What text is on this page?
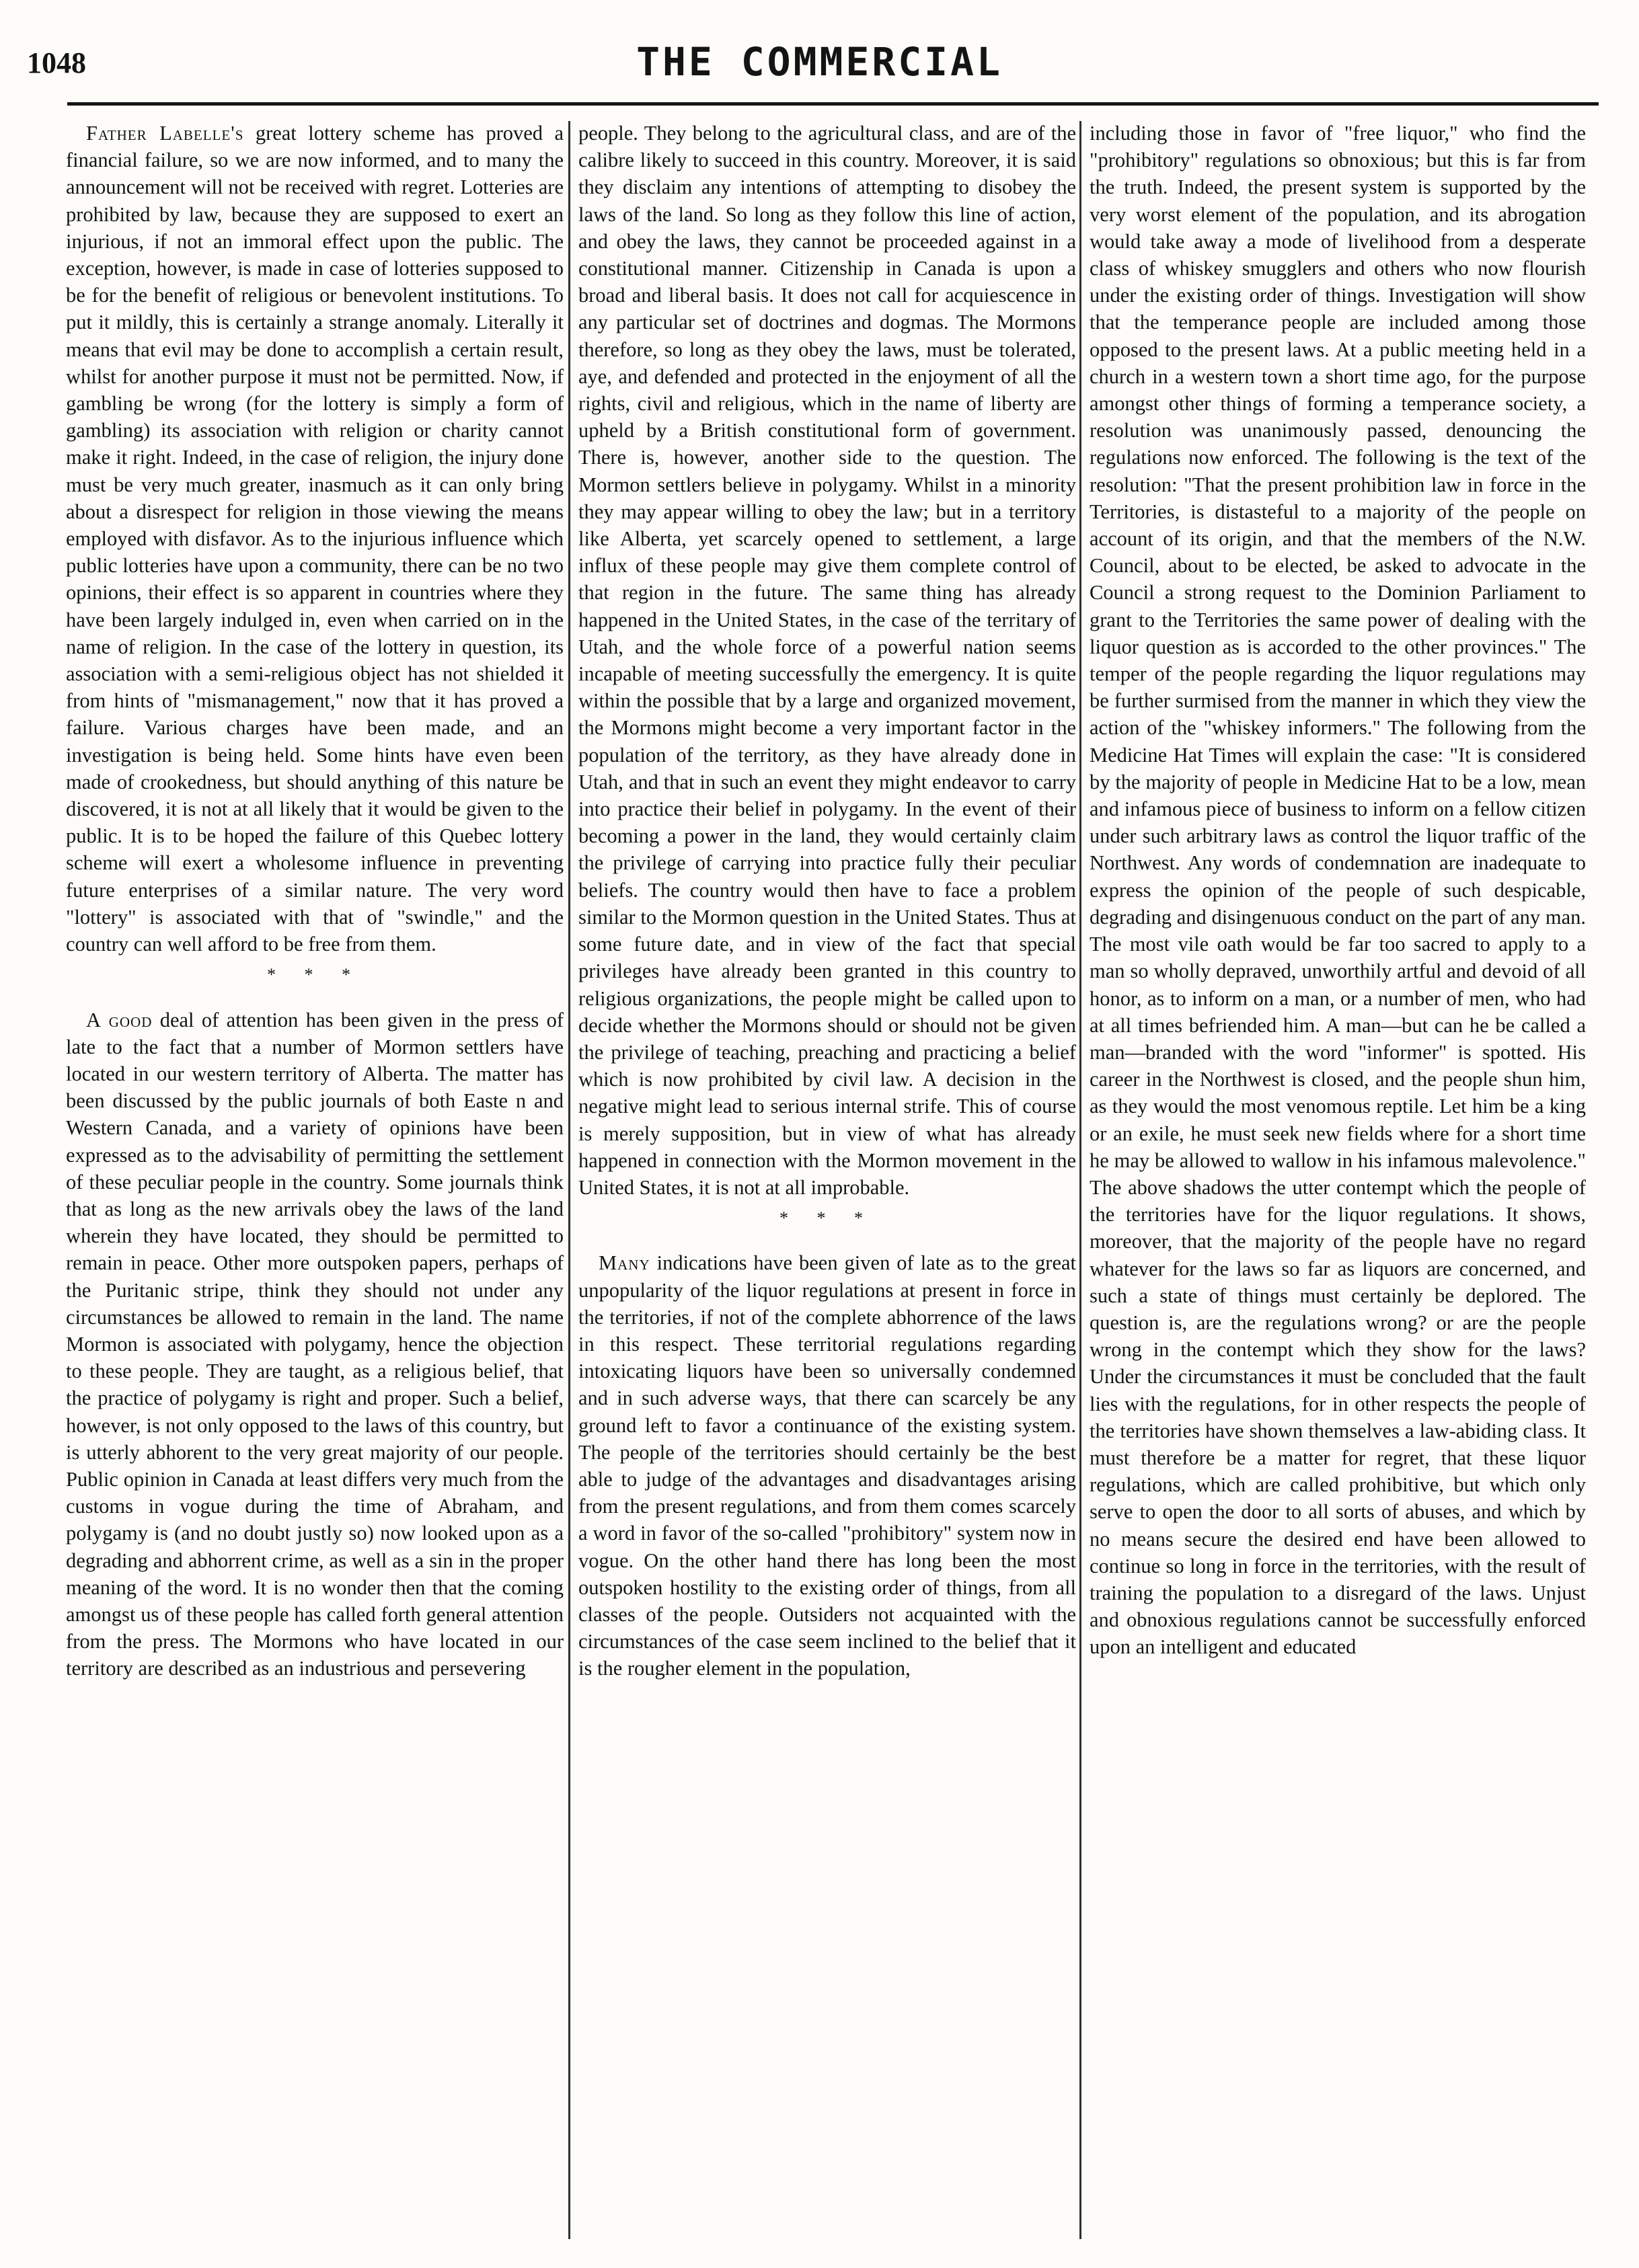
1048	THE COMMERCIAL

Father Labelle's great lottery scheme has proved a financial failure, so we are now informed, and to many the announcement will not be received with regret. Lotteries are prohibited by law, because they are supposed to exert an injurious, if not an immoral effect upon the public. The exception, however, is made in case of lotteries supposed to be for the benefit of religious or benevolent institutions. To put it mildly, this is certainly a strange anomaly. Literally it means that evil may be done to accomplish a certain result, whilst for another purpose it must not be permitted. Now, if gambling be wrong (for the lottery is simply a form of gambling) its association with religion or charity cannot make it right. Indeed, in the case of religion, the injury done must be very much greater, inasmuch as it can only bring about a disrespect for religion in those viewing the means employed with disfavor. As to the injurious influence which public lotteries have upon a community, there can be no two opinions, their effect is so apparent in countries where they have been largely indulged in, even when carried on in the name of religion. In the case of the lottery in question, its association with a semi-religious object has not shielded it from hints of "mismanagement," now that it has proved a failure. Various charges have been made, and an investigation is being held. Some hints have even been made of crookedness, but should anything of this nature be discovered, it is not at all likely that it would be given to the public. It is to be hoped the failure of this Quebec lottery scheme will exert a wholesome influence in preventing future enterprises of a similar nature. The very word "lottery" is associated with that of "swindle," and the country can well afford to be free from them.

* * *

A good deal of attention has been given in the press of late to the fact that a number of Mormon settlers have located in our western territory of Alberta. The matter has been discussed by the public journals of both Easte n and Western Canada, and a variety of opinions have been expressed as to the advisability of permitting the settlement of these peculiar people in the country. Some journals think that as long as the new arrivals obey the laws of the land wherein they have located, they should be permitted to remain in peace. Other more outspoken papers, perhaps of the Puritanic stripe, think they should not under any circumstances be allowed to remain in the land. The name Mormon is associated with polygamy, hence the objection to these people. They are taught, as a religious belief, that the practice of polygamy is right and proper. Such a belief, however, is not only opposed to the laws of this country, but is utterly abhorent to the very great majority of our people. Public opinion in Canada at least differs very much from the customs in vogue during the time of Abraham, and polygamy is (and no doubt justly so) now looked upon as a degrading and abhorrent crime, as well as a sin in the proper meaning of the word. It is no wonder then that the coming amongst us of these people has called forth general attention from the press. The Mormons who have located in our territory are described as an industrious and persevering

people. They belong to the agricultural class, and are of the calibre likely to succeed in this country. Moreover, it is said they disclaim any intentions of attempting to disobey the laws of the land. So long as they follow this line of action, and obey the laws, they cannot be proceeded against in a constitutional manner. Citizenship in Canada is upon a broad and liberal basis. It does not call for acquiescence in any particular set of doctrines and dogmas. The Mormons therefore, so long as they obey the laws, must be tolerated, aye, and defended and protected in the enjoyment of all the rights, civil and religious, which in the name of liberty are upheld by a British constitutional form of government. There is, however, another side to the question. The Mormon settlers believe in polygamy. Whilst in a minority they may appear willing to obey the law; but in a territory like Alberta, yet scarcely opened to settlement, a large influx of these people may give them complete control of that region in the future. The same thing has already happened in the United States, in the case of the territary of Utah, and the whole force of a powerful nation seems incapable of meeting successfully the emergency. It is quite within the possible that by a large and organized movement, the Mormons might become a very important factor in the population of the territory, as they have already done in Utah, and that in such an event they might endeavor to carry into practice their belief in polygamy. In the event of their becoming a power in the land, they would certainly claim the privilege of carrying into practice fully their peculiar beliefs. The country would then have to face a problem similar to the Mormon question in the United States. Thus at some future date, and in view of the fact that special privileges have already been granted in this country to religious organizations, the people might be called upon to decide whether the Mormons should or should not be given the privilege of teaching, preaching and practicing a belief which is now prohibited by civil law. A decision in the negative might lead to serious internal strife. This of course is merely supposition, but in view of what has already happened in connection with the Mormon movement in the United States, it is not at all improbable.

* * *

Many indications have been given of late as to the great unpopularity of the liquor regulations at present in force in the territories, if not of the complete abhorrence of the laws in this respect. These territorial regulations regarding intoxicating liquors have been so universally condemned and in such adverse ways, that there can scarcely be any ground left to favor a continuance of the existing system. The people of the territories should certainly be the best able to judge of the advantages and disadvantages arising from the present regulations, and from them comes scarcely a word in favor of the so-called "prohibitory" system now in vogue. On the other hand there has long been the most outspoken hostility to the existing order of things, from all classes of the people. Outsiders not acquainted with the circumstances of the case seem inclined to the belief that it is the rougher element in the population,

including those in favor of "free liquor," who find the "prohibitory" regulations so obnoxious; but this is far from the truth. Indeed, the present system is supported by the very worst element of the population, and its abrogation would take away a mode of livelihood from a desperate class of whiskey smugglers and others who now flourish under the existing order of things. Investigation will show that the temperance people are included among those opposed to the present laws. At a public meeting held in a church in a western town a short time ago, for the purpose amongst other things of forming a temperance society, a resolution was unanimously passed, denouncing the regulations now enforced. The following is the text of the resolution: "That the present prohibition law in force in the Territories, is distasteful to a majority of the people on account of its origin, and that the members of the N.W. Council, about to be elected, be asked to advocate in the Council a strong request to the Dominion Parliament to grant to the Territories the same power of dealing with the liquor question as is accorded to the other provinces." The temper of the people regarding the liquor regulations may be further surmised from the manner in which they view the action of the "whiskey informers." The following from the Medicine Hat Times will explain the case: "It is considered by the majority of people in Medicine Hat to be a low, mean and infamous piece of business to inform on a fellow citizen under such arbitrary laws as control the liquor traffic of the Northwest. Any words of condemnation are inadequate to express the opinion of the people of such despicable, degrading and disingenuous conduct on the part of any man. The most vile oath would be far too sacred to apply to a man so wholly depraved, unworthily artful and devoid of all honor, as to inform on a man, or a number of men, who had at all times befriended him. A man—but can he be called a man—branded with the word "informer" is spotted. His career in the Northwest is closed, and the people shun him, as they would the most venomous reptile. Let him be a king or an exile, he must seek new fields where for a short time he may be allowed to wallow in his infamous malevolence." The above shadows the utter contempt which the people of the territories have for the liquor regulations. It shows, moreover, that the majority of the people have no regard whatever for the laws so far as liquors are concerned, and such a state of things must certainly be deplored. The question is, are the regulations wrong? or are the people wrong in the contempt which they show for the laws? Under the circumstances it must be concluded that the fault lies with the regulations, for in other respects the people of the territories have shown themselves a law-abiding class. It must therefore be a matter for regret, that these liquor regulations, which are called prohibitive, but which only serve to open the door to all sorts of abuses, and which by no means secure the desired end have been allowed to continue so long in force in the territories, with the result of training the population to a disregard of the laws. Unjust and obnoxious regulations cannot be successfully enforced upon an intelligent and educated
